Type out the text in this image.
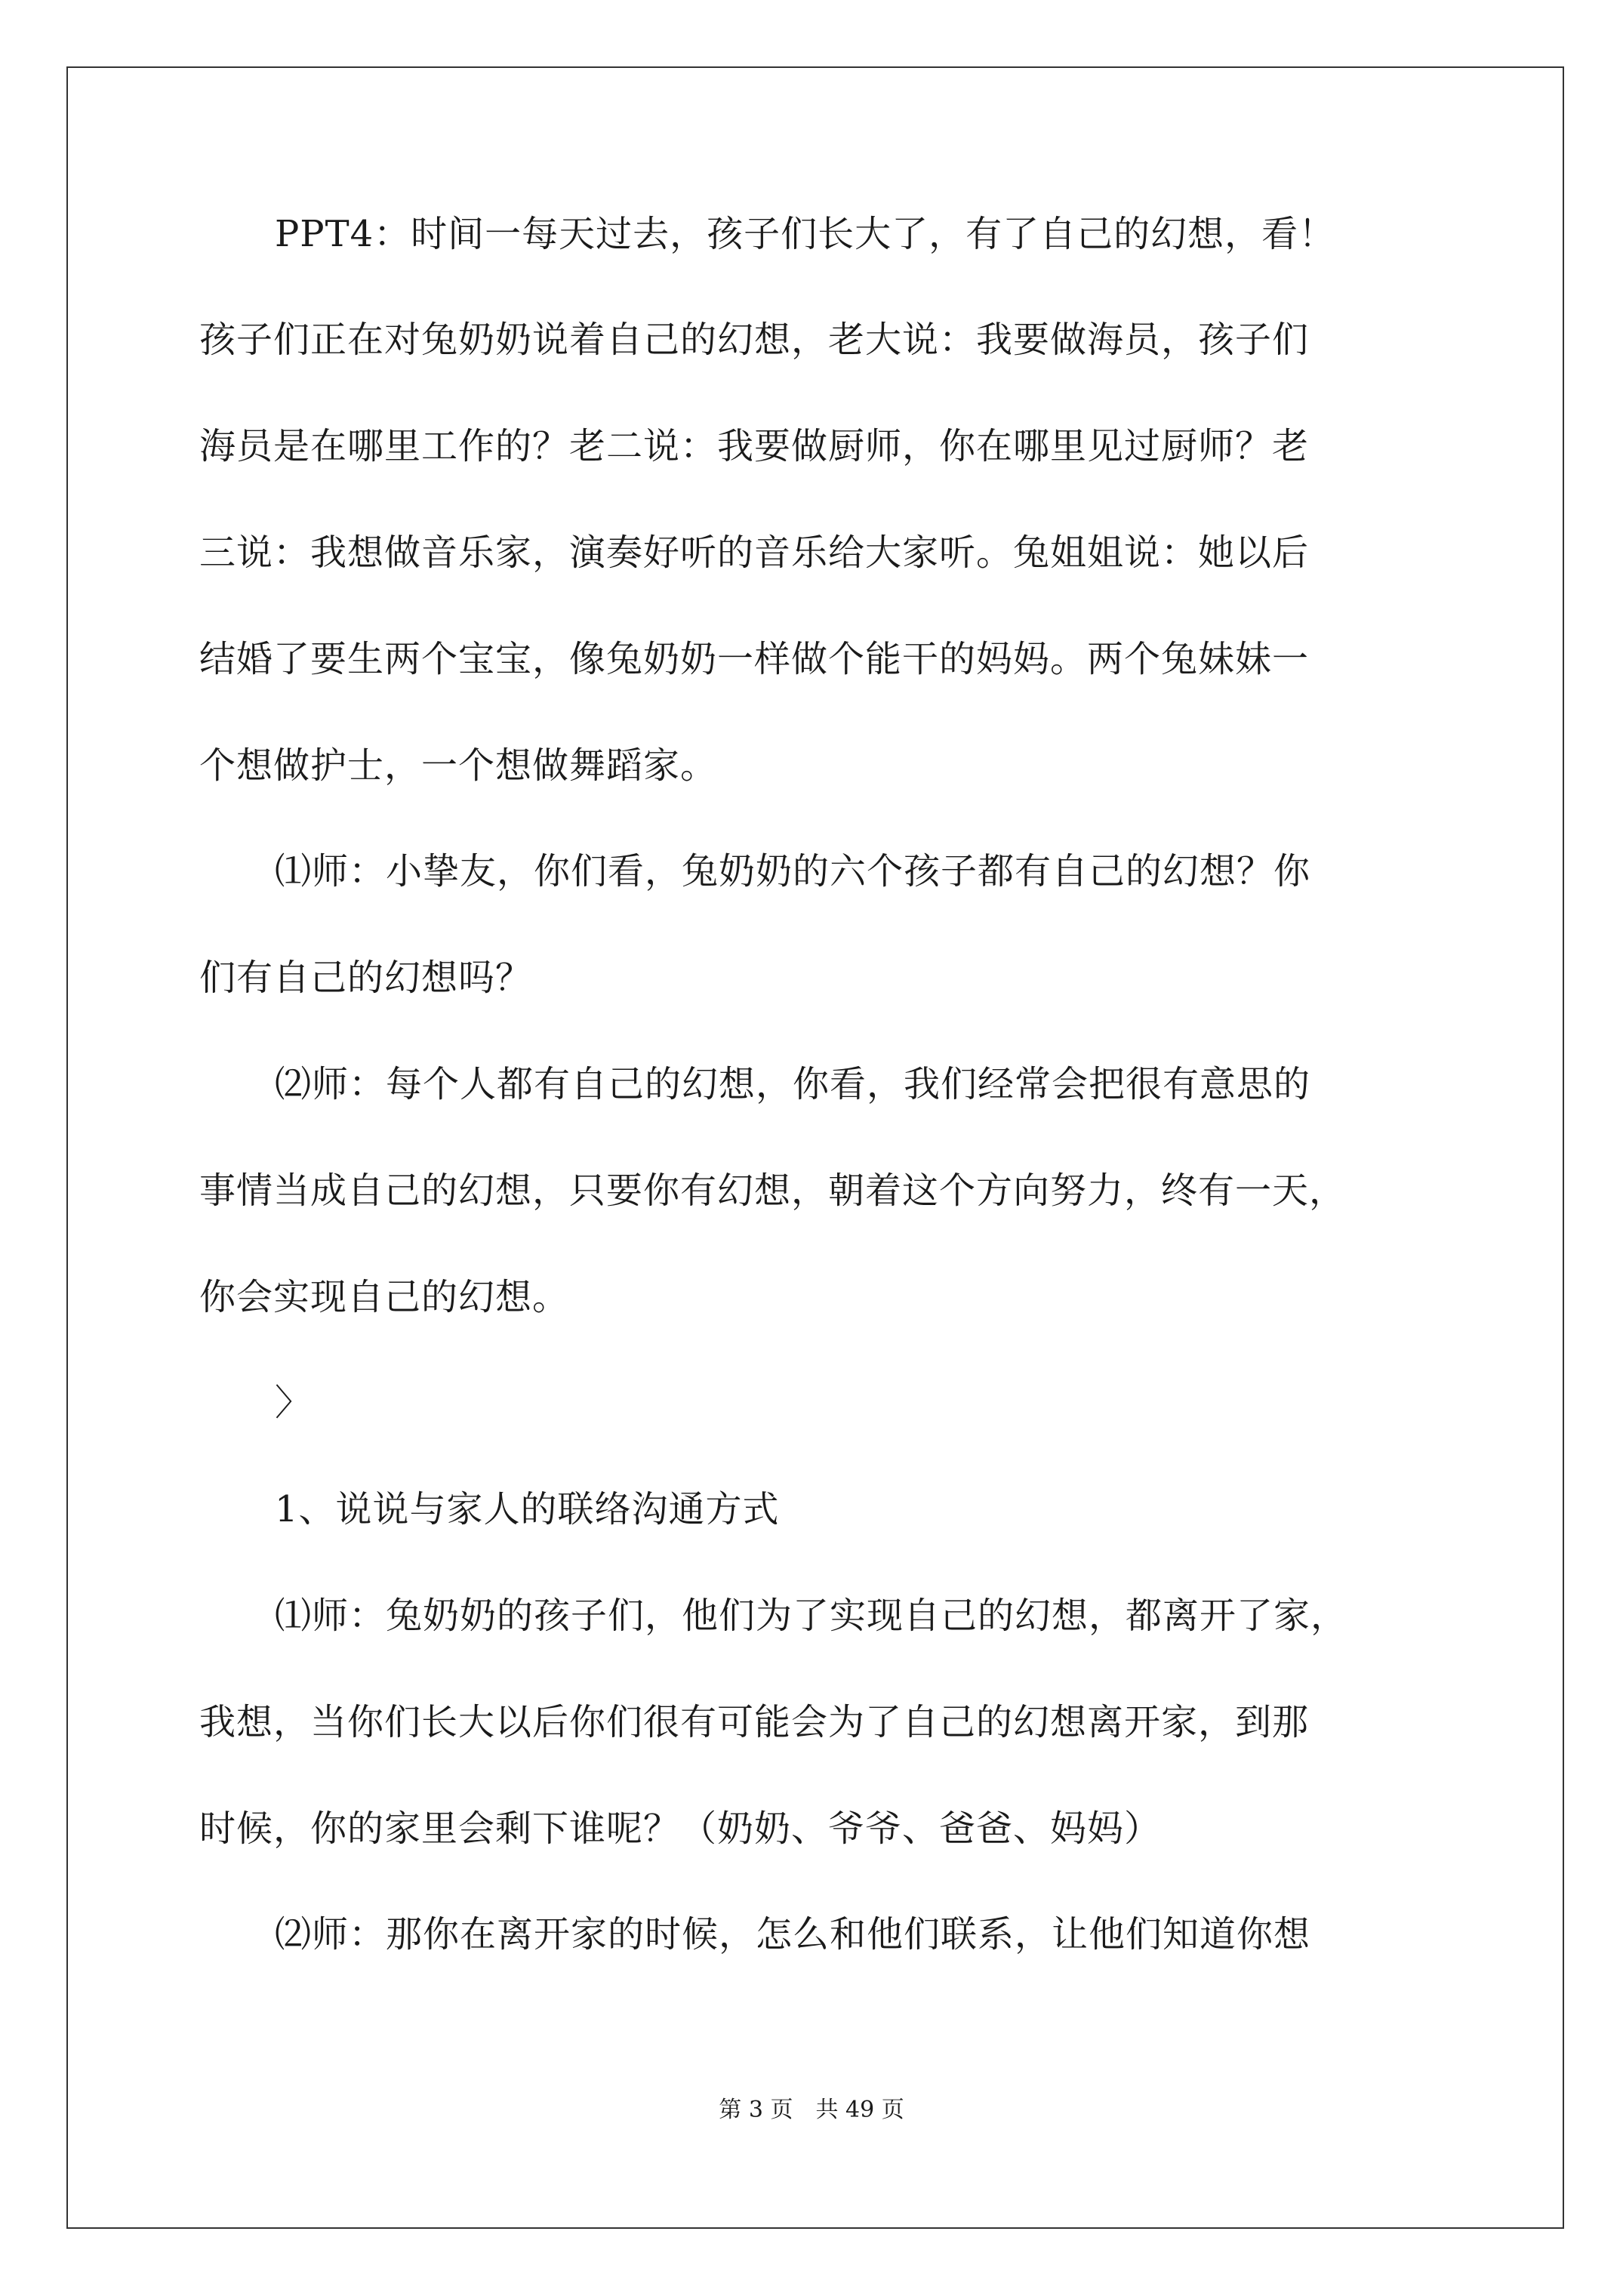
PPT4：时间一每天过去，孩子们长大了，有了自己的幻想，看！
孩子们正在对兔奶奶说着自己的幻想，老大说：我要做海员，孩子们
海员是在哪里工作的？老二说：我要做厨师，你在哪里见过厨师？老
三说：我想做音乐家，演奏好听的音乐给大家听。兔姐姐说：她以后
结婚了要生两个宝宝，像兔奶奶一样做个能干的妈妈。两个兔妹妹一
个想做护士，一个想做舞蹈家。
⑴师：小挚友，你们看，兔奶奶的六个孩子都有自己的幻想？你
们有自己的幻想吗？
⑵师：每个人都有自己的幻想，你看，我们经常会把很有意思的
事情当成自己的幻想，只要你有幻想，朝着这个方向努力，终有一天，
你会实现自己的幻想。
〉
1、说说与家人的联络沟通方式
⑴师：兔奶奶的孩子们，他们为了实现自己的幻想，都离开了家，
我想，当你们长大以后你们很有可能会为了自己的幻想离开家，到那
时候，你的家里会剩下谁呢？（奶奶、爷爷、爸爸、妈妈）
⑵师：那你在离开家的时候，怎么和他们联系，让他们知道你想
第 3 页　共 49 页
